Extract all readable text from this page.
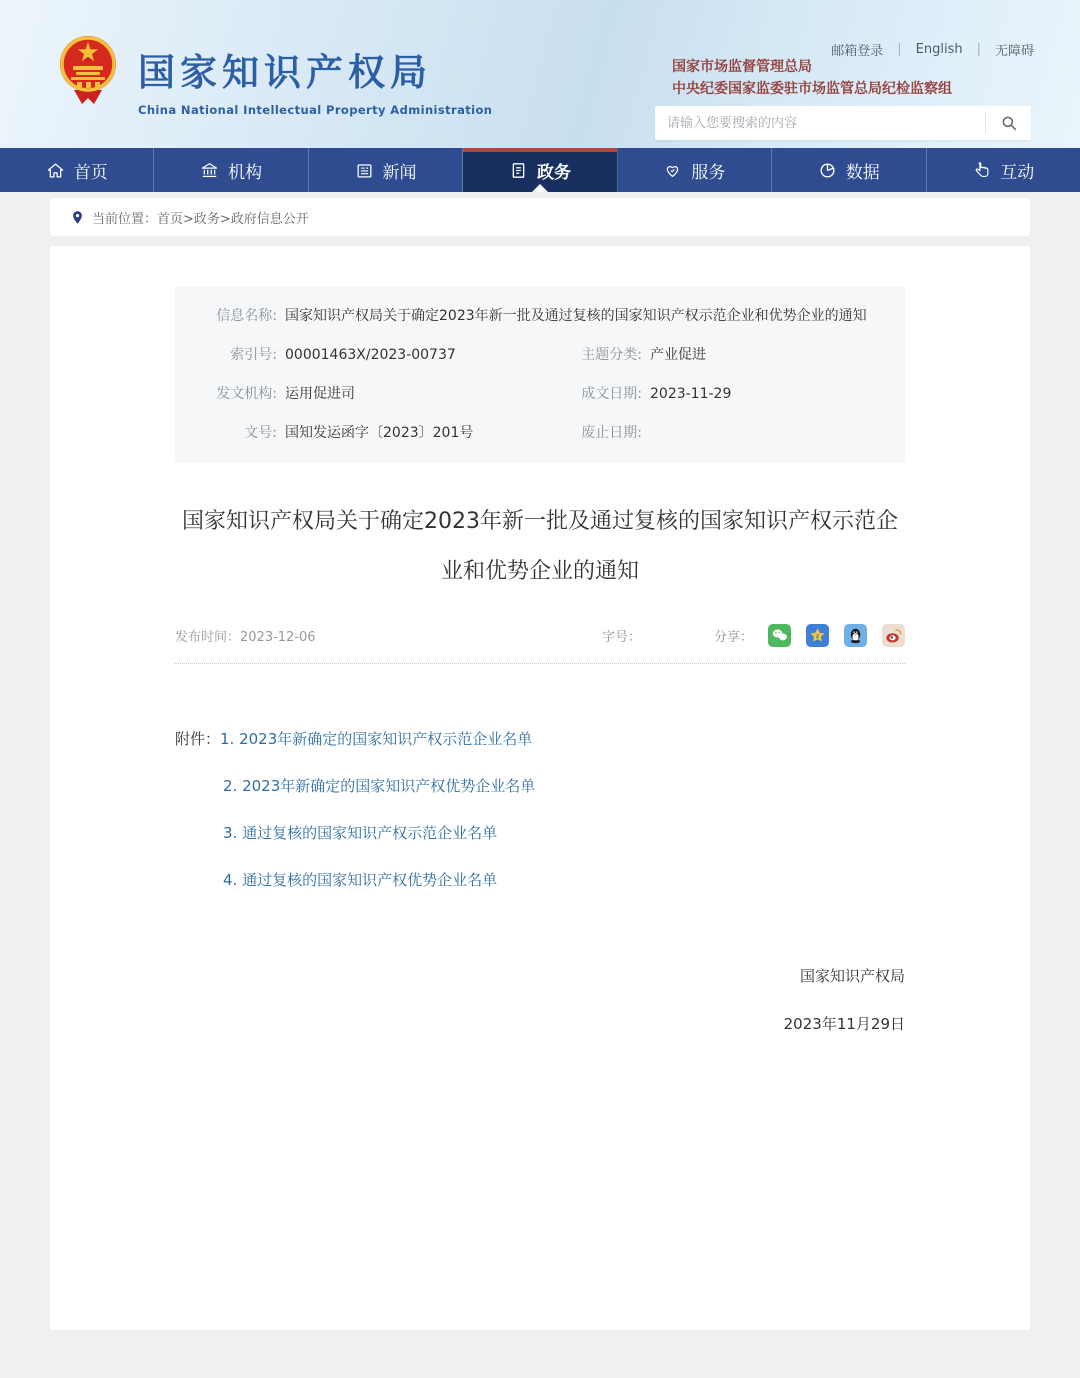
国家知识产权局
China National Intellectual Property Administration
邮箱登录 | English | 无障碍
国家市场监督管理总局
中央纪委国家监委驻市场监管总局纪检监察组
请输入您要搜索的内容
首页	机构	新闻	政务	服务	数据	互动
当前位置： 首页>政务>政府信息公开
信息名称: 国家知识产权局关于确定2023年新一批及通过复核的国家知识产权示范企业和优势企业的通知
索引号: 00001463X/2023-00737	主题分类: 产业促进
发文机构: 运用促进司	成文日期: 2023-11-29
文号: 国知发运函字〔2023〕201号	废止日期:
国家知识产权局关于确定2023年新一批及通过复核的国家知识产权示范企业和优势企业的通知
发布时间：2023-12-06	字号：	分享：	z

附件： 1. 2023年新确定的国家知识产权示范企业名单
2. 2023年新确定的国家知识产权优势企业名单
3. 通过复核的国家知识产权示范企业名单
4. 通过复核的国家知识产权优势企业名单
国家知识产权局
2023年11月29日
